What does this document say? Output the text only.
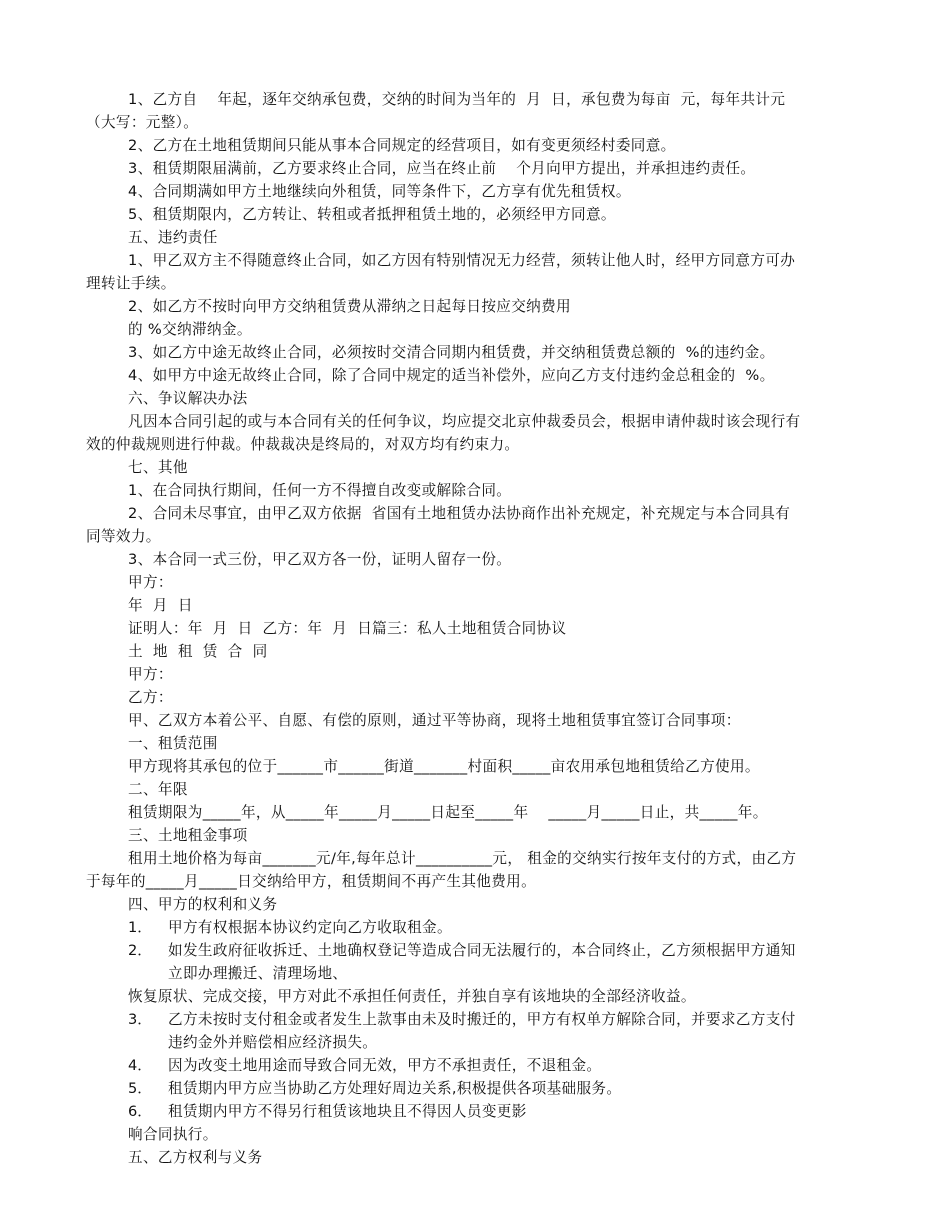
1、乙方自    年起，逐年交纳承包费，交纳的时间为当年的  月  日，承包费为每亩  元，每年共计元
（大写：元整）。
2、乙方在土地租赁期间只能从事本合同规定的经营项目，如有变更须经村委同意。
3、租赁期限届满前，乙方要求终止合同，应当在终止前    个月向甲方提出，并承担违约责任。
4、合同期满如甲方土地继续向外租赁，同等条件下，乙方享有优先租赁权。
5、租赁期限内，乙方转让、转租或者抵押租赁土地的，必须经甲方同意。
五、违约责任
1、甲乙双方主不得随意终止合同，如乙方因有特别情况无力经营，须转让他人时，经甲方同意方可办
理转让手续。
2、如乙方不按时向甲方交纳租赁费从滞纳之日起每日按应交纳费用
的 %交纳滞纳金。
3、如乙方中途无故终止合同，必须按时交清合同期内租赁费，并交纳租赁费总额的  %的违约金。
4、如甲方中途无故终止合同，除了合同中规定的适当补偿外，应向乙方支付违约金总租金的  %。
六、争议解决办法
凡因本合同引起的或与本合同有关的任何争议，均应提交北京仲裁委员会，根据申请仲裁时该会现行有
效的仲裁规则进行仲裁。仲裁裁决是终局的，对双方均有约束力。
七、其他
1、在合同执行期间，任何一方不得擅自改变或解除合同。
2、合同未尽事宜，由甲乙双方依据  省国有土地租赁办法协商作出补充规定，补充规定与本合同具有
同等效力。
3、本合同一式三份，甲乙双方各一份，证明人留存一份。
甲方：
年  月  日
证明人：年  月  日  乙方：年  月  日篇三：私人土地租赁合同协议
土  地  租  赁  合  同
甲方：
乙方：
甲、乙双方本着公平、自愿、有偿的原则，通过平等协商，现将土地租赁事宜签订合同事项：
一、租赁范围
甲方现将其承包的位于______市______街道_______村面积_____亩农用承包地租赁给乙方使用。
二、年限
租赁期限为_____年，从_____年_____月_____日起至_____年    _____月_____日止，共_____年。
三、土地租金事项
租用土地价格为每亩_______元/年,每年总计__________元， 租金的交纳实行按年支付的方式，由乙方
于每年的_____月_____日交纳给甲方，租赁期间不再产生其他费用。
四、甲方的权利和义务
1． 甲方有权根据本协议约定向乙方收取租金。
2． 如发生政府征收拆迁、土地确权登记等造成合同无法履行的，本合同终止，乙方须根据甲方通知
立即办理搬迁、清理场地、
恢复原状、完成交接，甲方对此不承担任何责任，并独自享有该地块的全部经济收益。
3． 乙方未按时支付租金或者发生上款事由未及时搬迁的，甲方有权单方解除合同，并要求乙方支付
违约金外并赔偿相应经济损失。
4． 因为改变土地用途而导致合同无效，甲方不承担责任，不退租金。
5． 租赁期内甲方应当协助乙方处理好周边关系,积极提供各项基础服务。
6． 租赁期内甲方不得另行租赁该地块且不得因人员变更影
响合同执行。
五、乙方权利与义务
